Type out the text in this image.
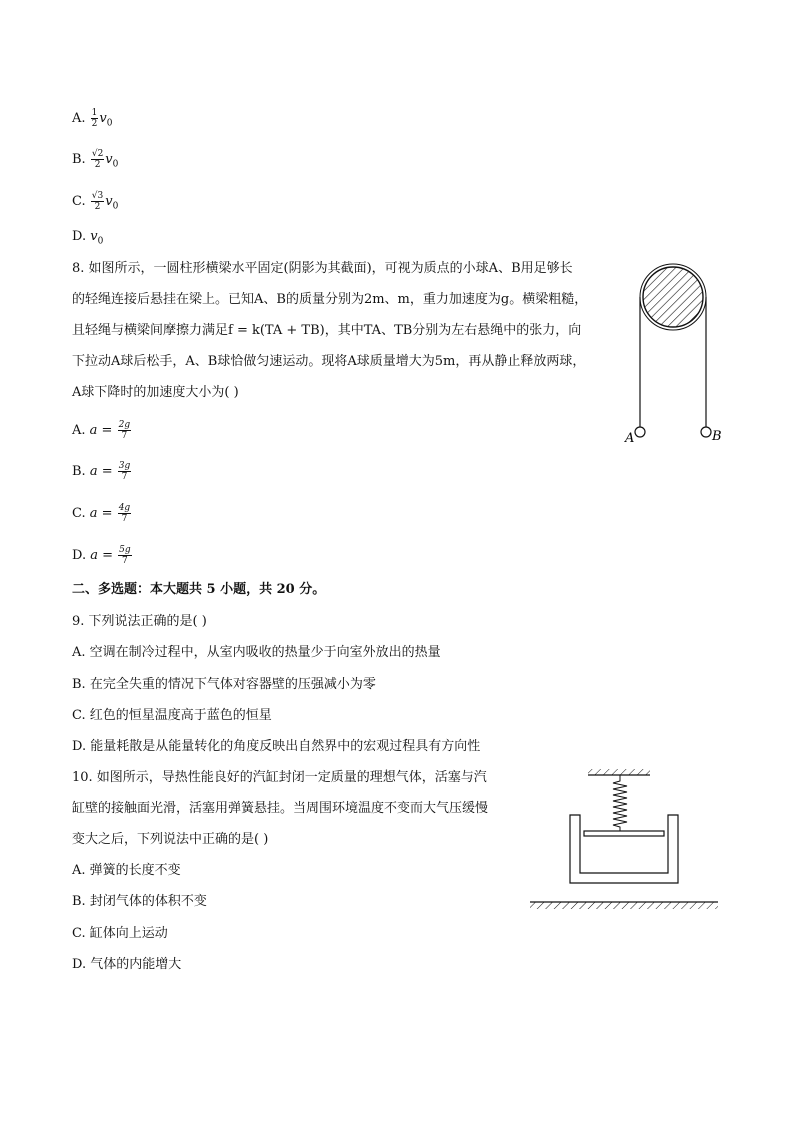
A. $\frac{1}{2} v_0$
B. $\frac{√2}{2} v_0$
C. $\frac{√3}{2} v_0$
D. $v_0$
8. 如图所示，一圆柱形横梁水平固定(阴影为其截面)，可视为质点的小球A、B用足够长
的轻绳连接后悬挂在梁上。已知A、B的质量分别为2m、m，重力加速度为g。横梁粗糙，
且轻绳与横梁间摩擦力满足f = k(TA + TB)，其中TA、TB分别为左右悬绳中的张力，向
下拉动A球后松手，A、B球恰做匀速运动。现将A球质量增大为5m，再从静止释放两球，
A球下降时的加速度大小为( )
A. $a = \frac{2g}{7}$
B. $a = \frac{3g}{7}$
C. $a = \frac{4g}{7}$
D. $a = \frac{5g}{7}$
A	B
二、多选题：本大题共 5 小题，共 20 分。
9. 下列说法正确的是( )
A. 空调在制冷过程中，从室内吸收的热量少于向室外放出的热量
B. 在完全失重的情况下气体对容器壁的压强减小为零
C. 红色的恒星温度高于蓝色的恒星
D. 能量耗散是从能量转化的角度反映出自然界中的宏观过程具有方向性
10. 如图所示，导热性能良好的汽缸封闭一定质量的理想气体，活塞与汽
缸壁的接触面光滑，活塞用弹簧悬挂。当周围环境温度不变而大气压缓慢
变大之后，下列说法中正确的是( )
A. 弹簧的长度不变
B. 封闭气体的体积不变
C. 缸体向上运动
D. 气体的内能增大
